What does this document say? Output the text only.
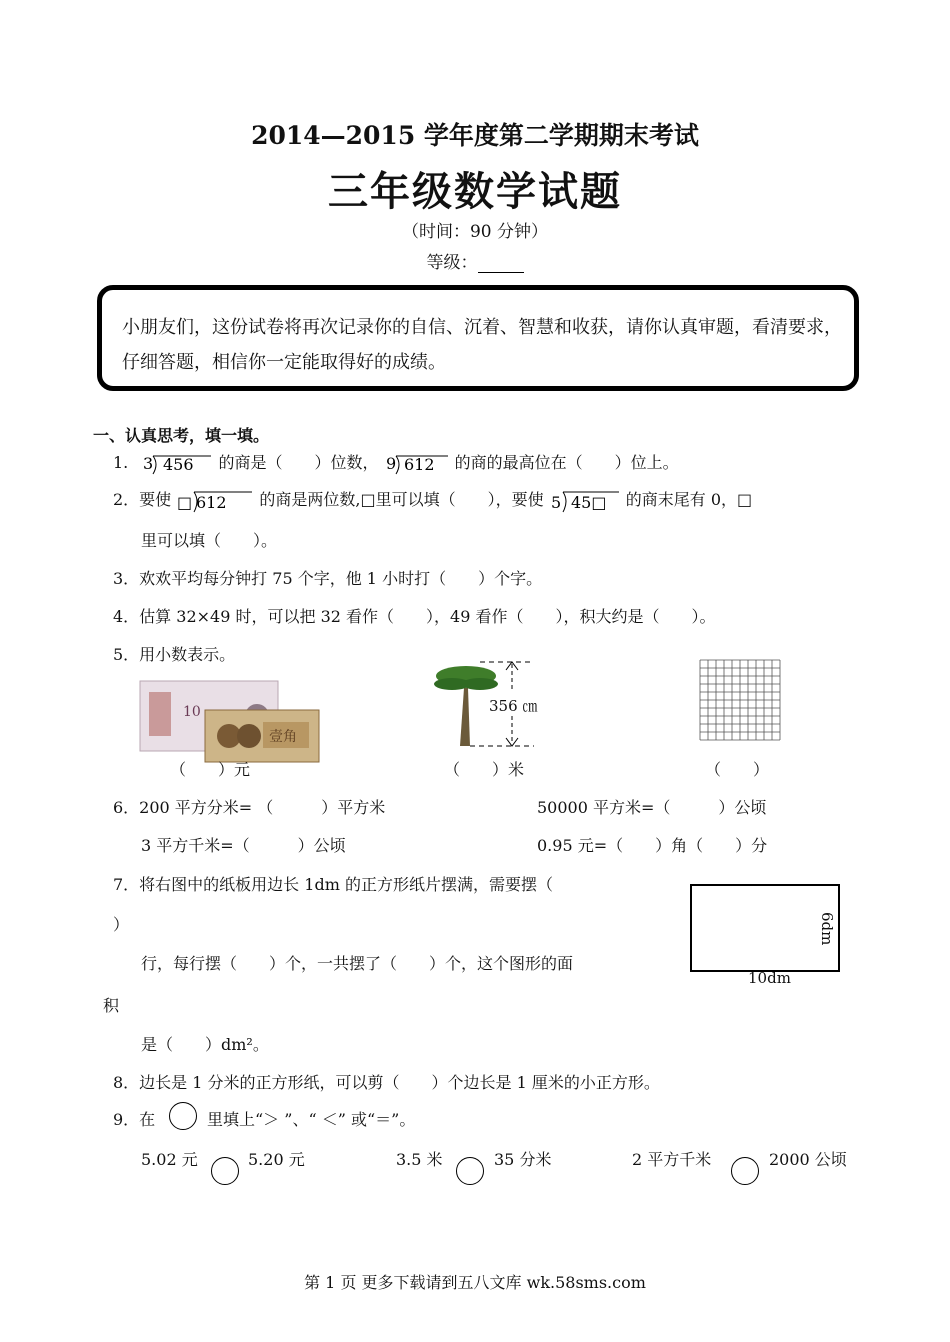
2014—2015 学年度第二学期期末考试
三年级数学试题
（时间：90 分钟）
等级：
小朋友们，这份试卷将再次记录你的自信、沉着、智慧和收获，请你认真审题，看清要求，仔细答题，相信你一定能取得好的成绩。
一、认真思考，填一填。
1. 3 456 的商是（　　）位数， 9 612 的商的最高位在（　　）位上。
2．要使 □ 612 的商是两位数,□里可以填（　　），要使 5 45□ 的商末尾有 0，□
里可以填（　　）。
3．欢欢平均每分钟打 75 个字，他 1 小时打（　　）个字。
4．估算 32×49 时，可以把 32 看作（　　），49 看作（　　），积大约是（　　）。
5．用小数表示。
10
壹角
356 ㎝
（　　）元	（　　）米	（　　）
6．200 平方分米= （　　　）平方米	50000 平方米=（　　　）公顷
3 平方千米=（　　　）公顷	0.95 元=（　　）角（　　）分
7．将右图中的纸板用边长 1dm 的正方形纸片摆满，需要摆（
）
行，每行摆（　　）个，一共摆了（　　）个，这个图形的面
积
是（　　）dm²。
10dm
6dm
8．边长是 1 分米的正方形纸，可以剪（　　）个边长是 1 厘米的小正方形。
9．在	里填上“＞ ”、“ ＜” 或“＝”。
5.02 元	5.20 元	3.5 米	35 分米	2 平方千米	2000 公顷
第 1 页 更多下载请到五八文库 wk.58sms.com
